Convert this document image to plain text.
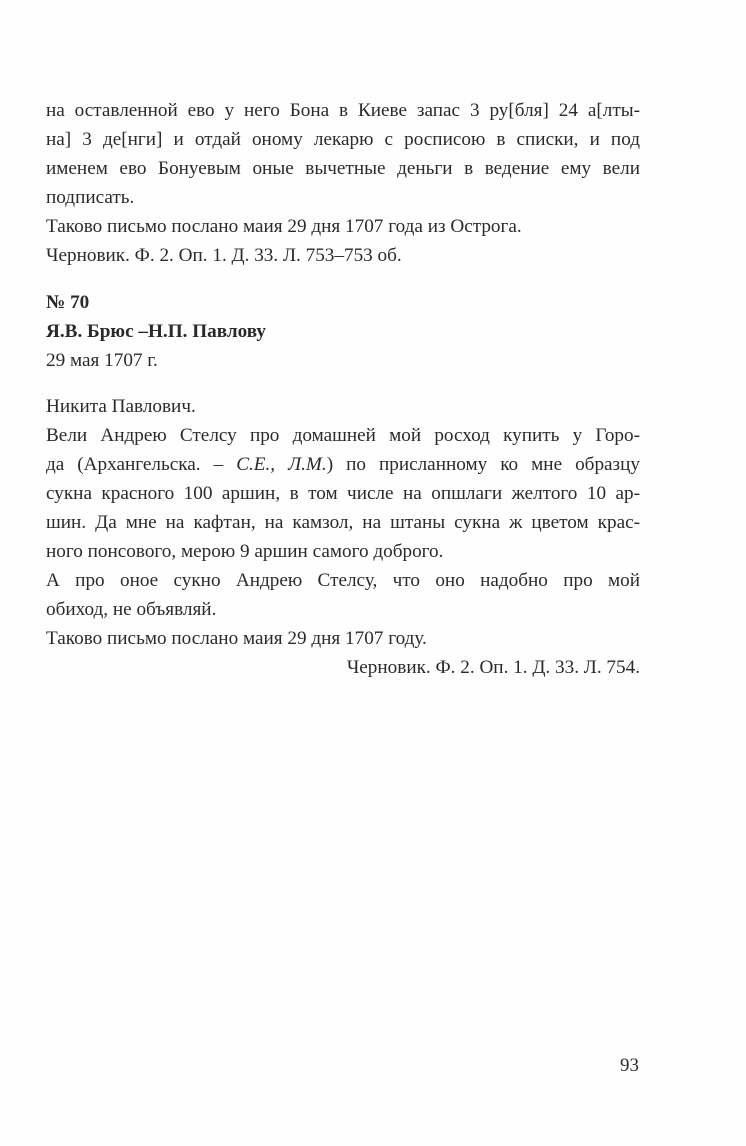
на оставленной ево у него Бона в Киеве запас 3 ру[бля] 24 а[лты-
на] 3 де[нги] и отдай оному лекарю с росписою в списки, и под
именем ево Бонуевым оные вычетные деньги в ведение ему вели
подписать.
Таково письмо послано маия 29 дня 1707 года из Острога.
Черновик. Ф. 2. Оп. 1. Д. 33. Л. 753–753 об.
№ 70
Я.В. Брюс –Н.П. Павлову
29 мая 1707 г.
Никита Павлович.
Вели Андрею Стелсу про домашней мой росход купить у Горо-
да (Архангельска. – С.Е., Л.М.) по присланному ко мне образцу
сукна красного 100 аршин, в том числе на опшлаги желтого 10 ар-
шин. Да мне на кафтан, на камзол, на штаны сукна ж цветом крас-
ного понсового, мерою 9 аршин самого доброго.
А про оное сукно Андрею Стелсу, что оно надобно про мой
обиход, не объявляй.
Таково письмо послано маия 29 дня 1707 году.
Черновик. Ф. 2. Оп. 1. Д. 33. Л. 754.
93
